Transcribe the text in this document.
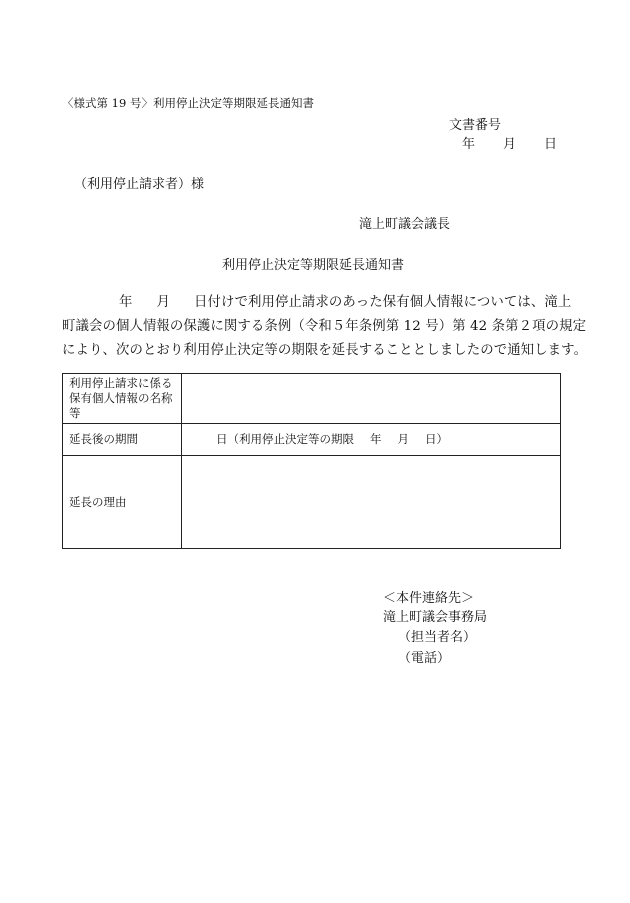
〈様式第 19 号〉利用停止決定等期限延長通知書
文書番号
年 月 日
（利用停止請求者）様
滝上町議会議長
利用停止決定等期限延長通知書
年 月 日付けで利用停止請求のあった保有個人情報については、滝上
町議会の個人情報の保護に関する条例（令和５年条例第 12 号）第 42 条第２項の規定
により、次のとおり利用停止決定等の期限を延長することとしましたので通知します。
利用停止請求に係る
保有個人情報の名称
等	

延長後の期間	日（利用停止決定等の期限 年 月 日）
延長の理由	
＜本件連絡先＞
滝上町議会事務局
（担当者名）
（電話）
